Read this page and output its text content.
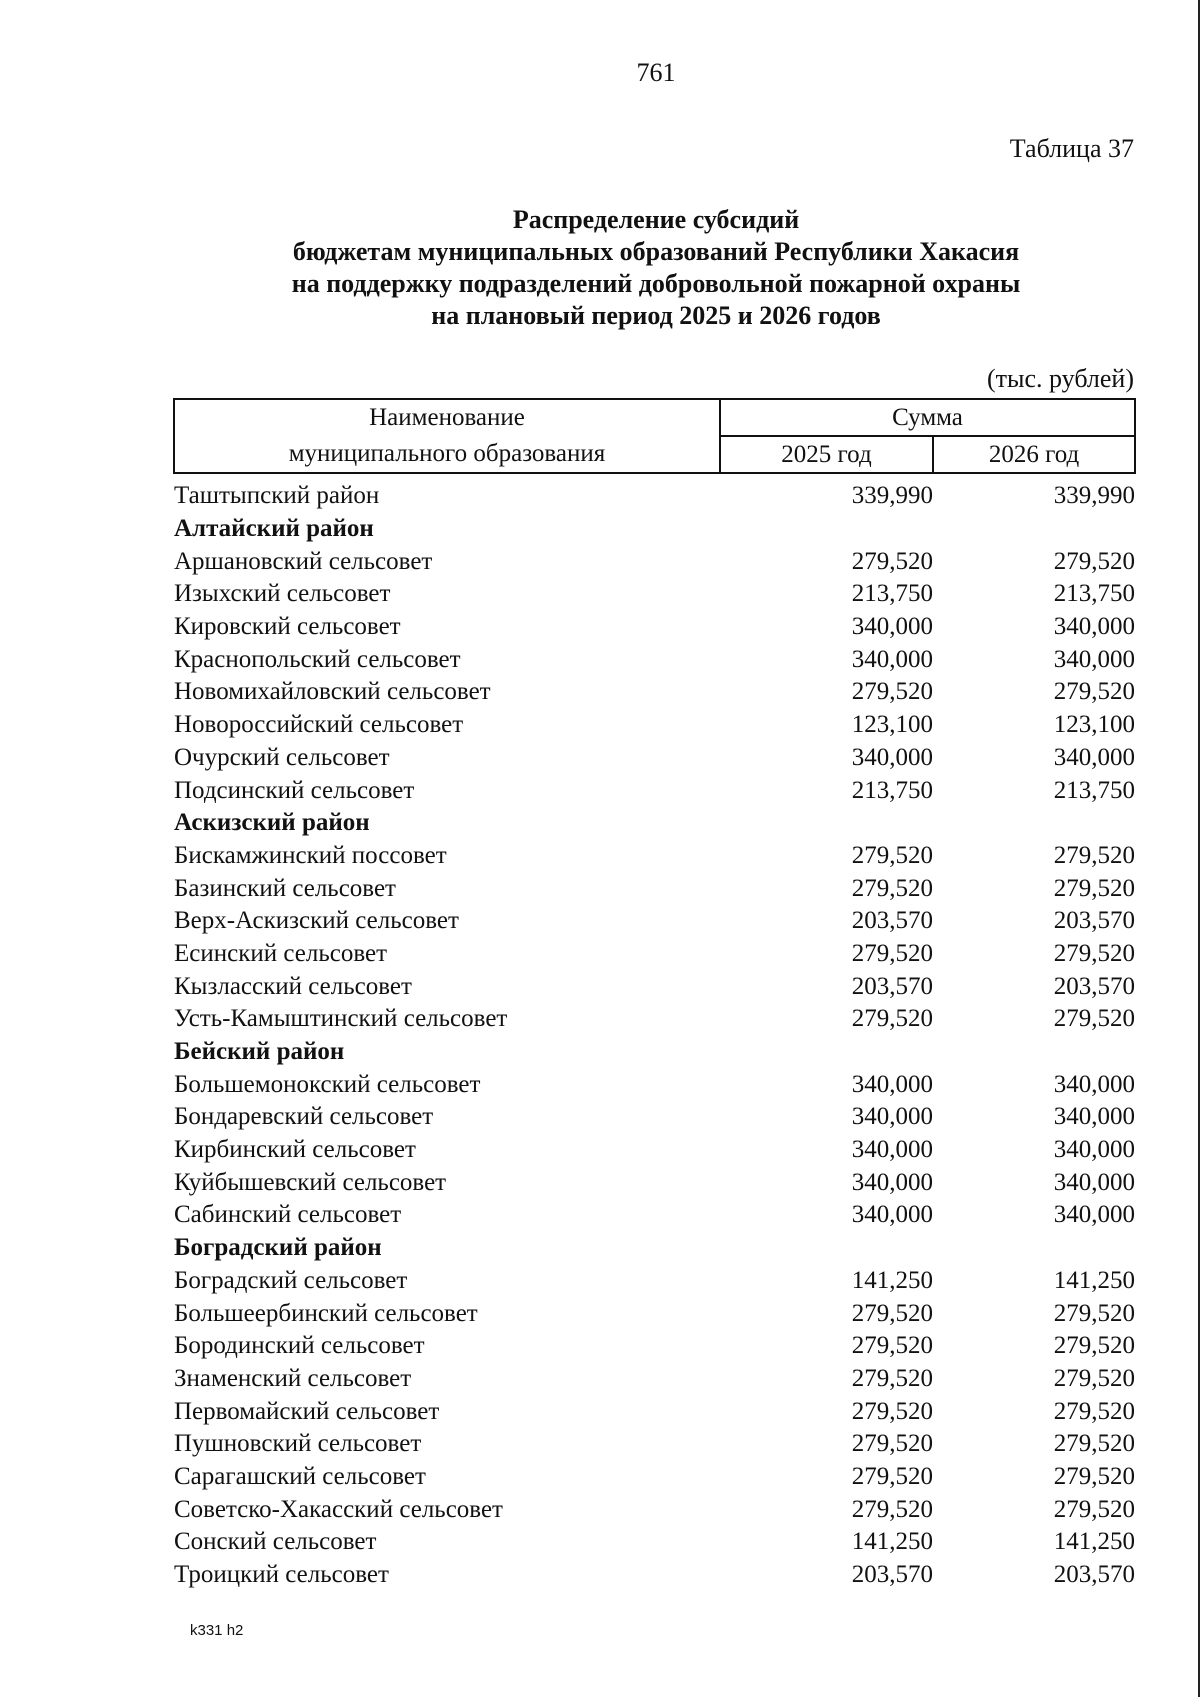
761
Таблица 37
Распределение субсидий
бюджетам муниципальных образований Республики Хакасия
на поддержку подразделений добровольной пожарной охраны
на плановый период 2025 и 2026 годов
(тыс. рублей)
Наименование
муниципального образования	Сумма	
	2025 год	2026 год
Таштыпский район	339,990	339,990
Алтайский район		
Аршановский сельсовет	279,520	279,520
Изыхский сельсовет	213,750	213,750
Кировский сельсовет	340,000	340,000
Краснопольский сельсовет	340,000	340,000
Новомихайловский сельсовет	279,520	279,520
Новороссийский сельсовет	123,100	123,100
Очурский сельсовет	340,000	340,000
Подсинский сельсовет	213,750	213,750
Аскизский район		
Бискамжинский поссовет	279,520	279,520
Базинский сельсовет	279,520	279,520
Верх-Аскизский сельсовет	203,570	203,570
Есинский сельсовет	279,520	279,520
Кызласский сельсовет	203,570	203,570
Усть-Камыштинский сельсовет	279,520	279,520
Бейский район		
Большемонокский сельсовет	340,000	340,000
Бондаревский сельсовет	340,000	340,000
Кирбинский сельсовет	340,000	340,000
Куйбышевский сельсовет	340,000	340,000
Сабинский сельсовет	340,000	340,000
Боградский район		
Боградский сельсовет	141,250	141,250
Большеербинский сельсовет	279,520	279,520
Бородинский сельсовет	279,520	279,520
Знаменский сельсовет	279,520	279,520
Первомайский сельсовет	279,520	279,520
Пушновский сельсовет	279,520	279,520
Сарагашский сельсовет	279,520	279,520
Советско-Хакасский сельсовет	279,520	279,520
Сонский сельсовет	141,250	141,250
Троицкий сельсовет	203,570	203,570
k331 h2
